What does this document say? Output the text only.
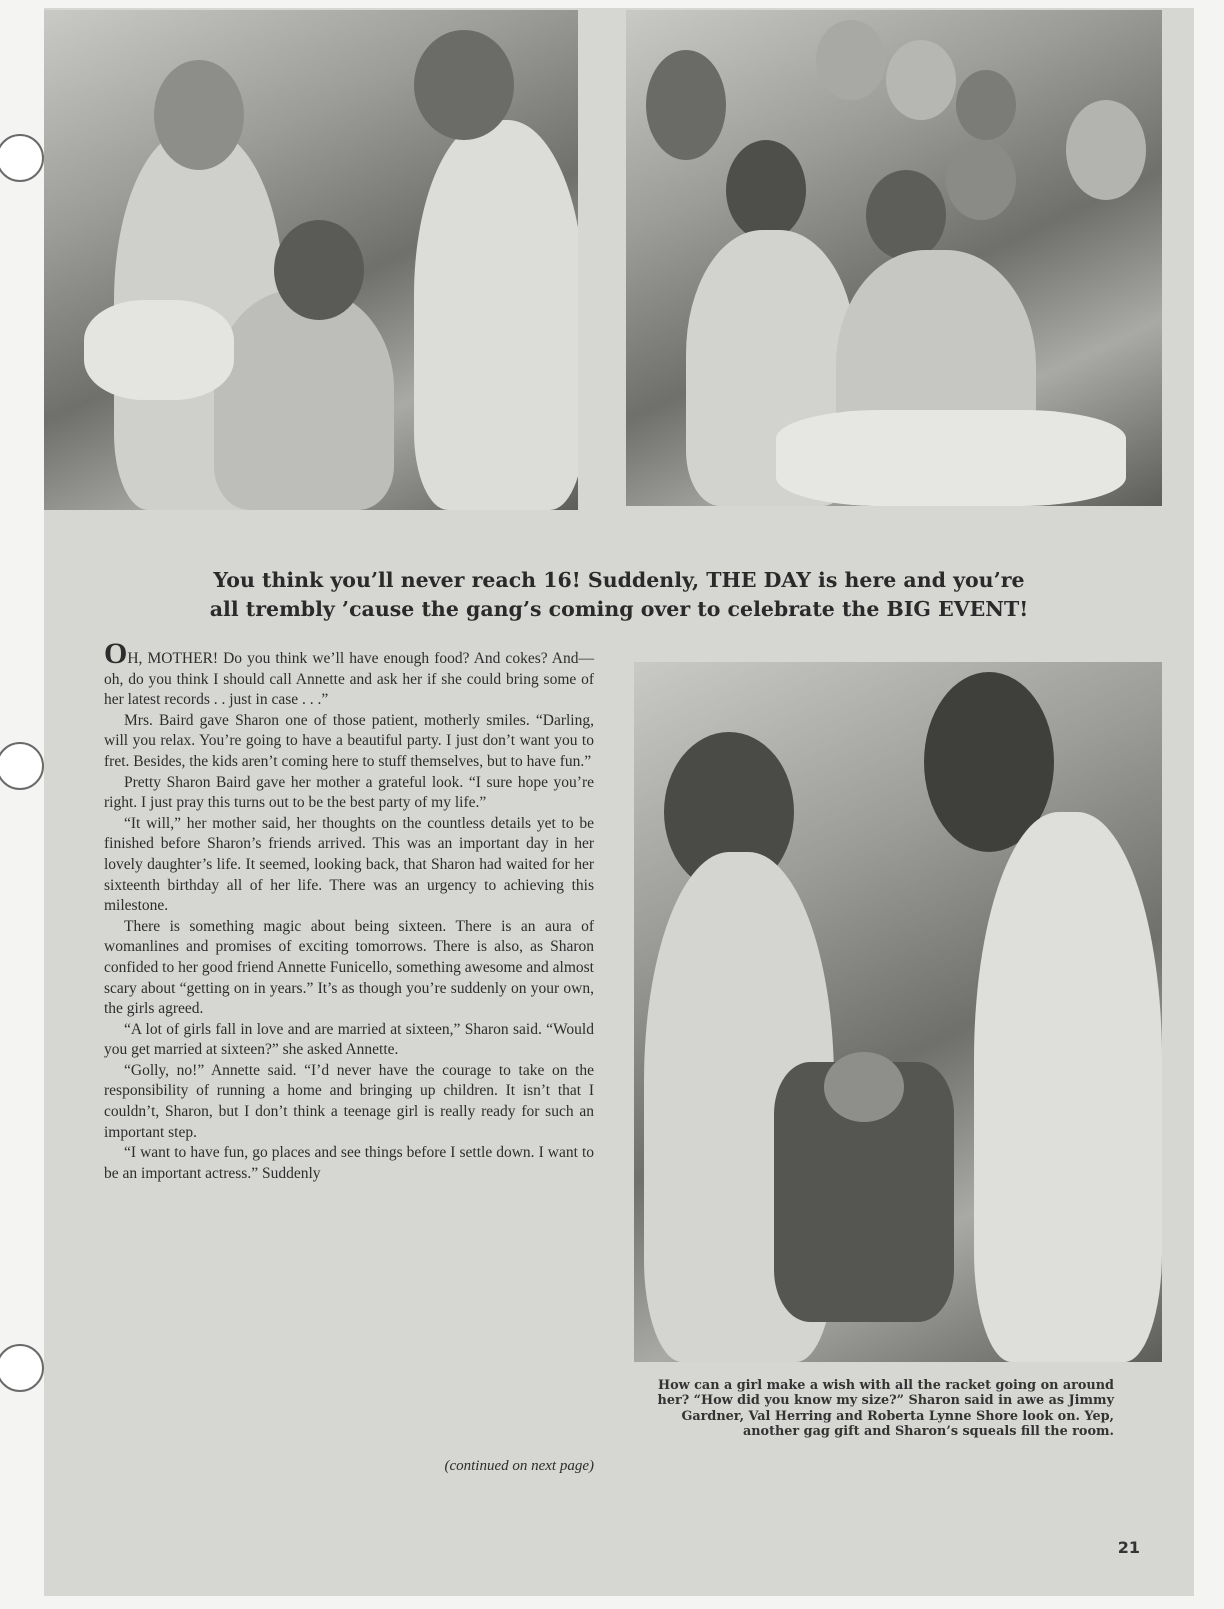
You think you’ll never reach 16! Suddenly, THE DAY is here and you’re
all trembly ’cause the gang’s coming over to celebrate the BIG EVENT!

OH, MOTHER! Do you think we’ll have enough food? And cokes? And—oh, do you think I should call Annette and ask her if she could bring some of her latest records . . just in case . . .”

Mrs. Baird gave Sharon one of those patient, motherly smiles. “Darling, will you relax. You’re going to have a beautiful party. I just don’t want you to fret. Besides, the kids aren’t coming here to stuff themselves, but to have fun.”

Pretty Sharon Baird gave her mother a grateful look. “I sure hope you’re right. I just pray this turns out to be the best party of my life.”

“It will,” her mother said, her thoughts on the countless details yet to be finished before Sharon’s friends arrived. This was an important day in her lovely daughter’s life. It seemed, looking back, that Sharon had waited for her sixteenth birthday all of her life. There was an urgency to achieving this milestone.

There is something magic about being sixteen. There is an aura of womanlines and promises of exciting tomorrows. There is also, as Sharon confided to her good friend Annette Funicello, something awesome and almost scary about “getting on in years.” It’s as though you’re suddenly on your own, the girls agreed.

“A lot of girls fall in love and are married at sixteen,” Sharon said. “Would you get married at sixteen?” she asked Annette.

“Golly, no!” Annette said. “I’d never have the courage to take on the responsibility of running a home and bringing up children. It isn’t that I couldn’t, Sharon, but I don’t think a teenage girl is really ready for such an important step.

“I want to have fun, go places and see things before I settle down. I want to be an important actress.” Suddenly

(continued on next page)
How can a girl make a wish with all the racket going on around her? “How did you know my size?” Sharon said in awe as Jimmy Gardner, Val Herring and Roberta Lynne Shore look on. Yep, another gag gift and Sharon’s squeals fill the room.
21
